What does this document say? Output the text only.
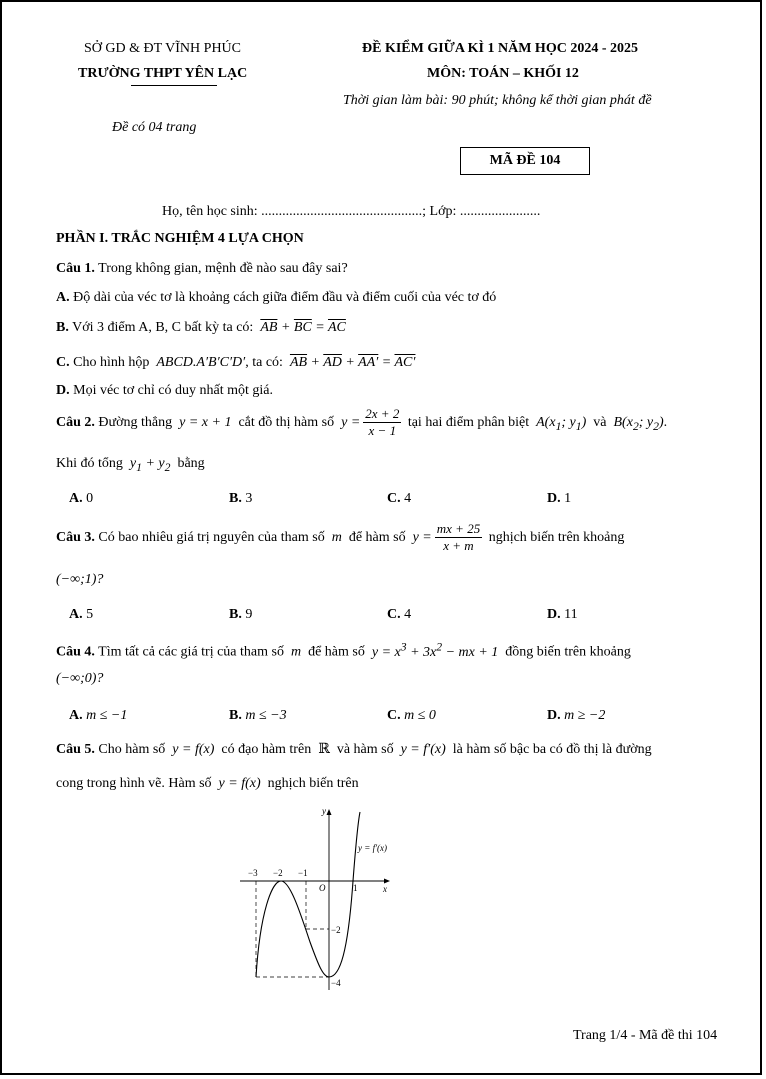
SỞ GD & ĐT VĨNH PHÚC
TRƯỜNG THPT YÊN LẠC
Đề có 04 trang
ĐỀ KIỂM GIỮA KÌ 1 NĂM HỌC 2024 - 2025
MÔN: TOÁN – KHỐI 12
Thời gian làm bài: 90 phút; không kể thời gian phát đề
MÃ ĐỀ 104
Họ, tên học sinh: ..............................................; Lớp: .......................
PHẦN I. TRẮC NGHIỆM 4 LỰA CHỌN
Câu 1. Trong không gian, mệnh đề nào sau đây sai?
A. Độ dài của véc tơ là khoảng cách giữa điểm đầu và điểm cuối của véc tơ đó
B. Với 3 điểm A, B, C bất kỳ ta có: $\overline{AB} + \overline{BC} = \overline{AC}$
C. Cho hình hộp  ABCD.A′B′C′D′, ta có: $\overline{AB} + \overline{AD} + AA' = AC'$
D. Mọi véc tơ chỉ có duy nhất một giá.
Câu 2. Đường thẳng  y = x + 1  cắt đồ thị hàm số  $y = \frac{2x + 2}{x - 1}$ tại hai điểm phân biệt  $A(x_1$; $y_1$)  và  $B(x_2$; $y_2$).
Khi đó tổng  $y_1 + y_2$ bằng
A. 0	B. 3	C. 4	D. 1
Câu 3. Có bao nhiêu giá trị nguyên của tham số  m  để hàm số  $y = \frac{mx + 25}{x + m}$ nghịch biến trên khoảng
(−∞;1)?
A. 5	B. 9	C. 4	D. 11
Câu 4. Tìm tất cả các giá trị của tham số  m  để hàm số  $y = x^3 + 3x^2$ − mx + 1  đồng biến trên khoảng
(−∞;0)?
A. m ≤ −1	B. m ≤ −3	C. m ≤ 0	D. m ≥ −2
Câu 5. Cho hàm số  y = f(x)  có đạo hàm trên  ℝ  và hàm số  y = f′(x)  là hàm số bậc ba có đồ thị là đường
cong trong hình vẽ. Hàm số  y = f(x)  nghịch biến trên
y
x
O
y = f′(x)
−3 −2 −1
1
−2
−4
Trang 1/4 - Mã đề thi 104
